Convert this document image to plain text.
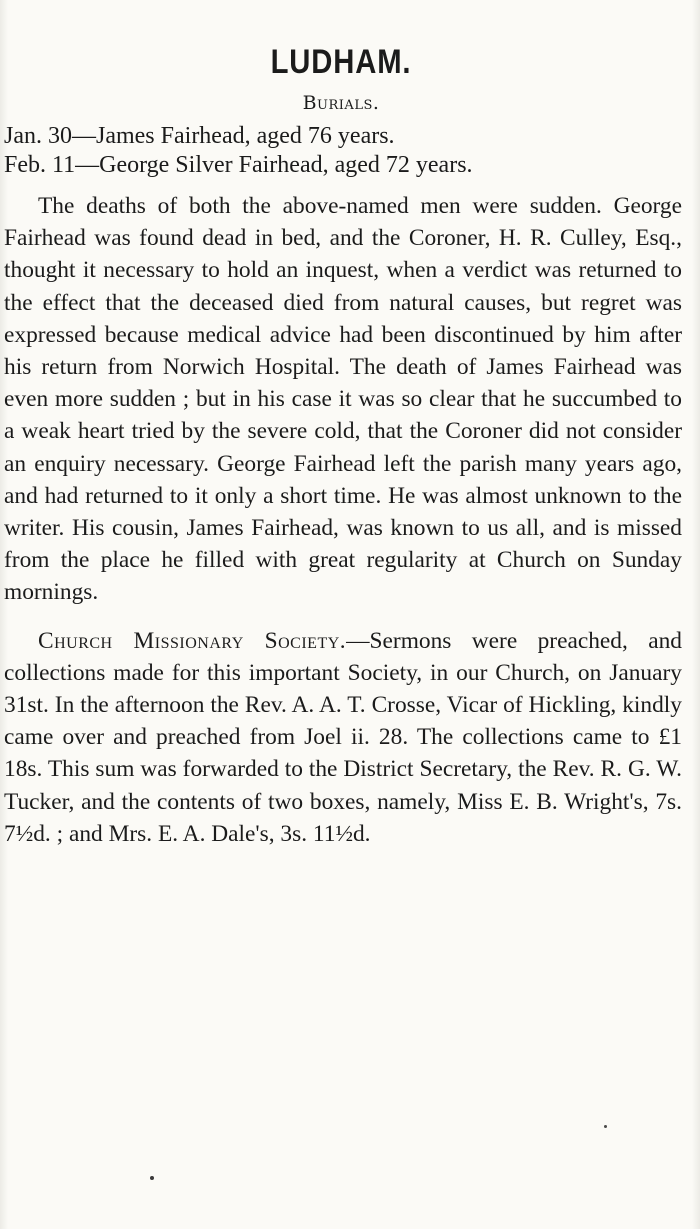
LUDHAM.
Burials.

Jan. 30—James Fairhead, aged 76 years.

Feb. 11—George Silver Fairhead, aged 72 years.

The deaths of both the above-named men were sudden. George Fairhead was found dead in bed, and the Coroner, H. R. Culley, Esq., thought it necessary to hold an inquest, when a verdict was returned to the effect that the deceased died from natural causes, but regret was expressed because medical advice had been discontinued by him after his return from Norwich Hospital. The death of James Fairhead was even more sudden ; but in his case it was so clear that he succumbed to a weak heart tried by the severe cold, that the Coroner did not consider an enquiry necessary. George Fairhead left the parish many years ago, and had returned to it only a short time. He was almost unknown to the writer. His cousin, James Fairhead, was known to us all, and is missed from the place he filled with great regularity at Church on Sunday mornings.

Church Missionary Society.—Sermons were preached, and collections made for this important Society, in our Church, on January 31st. In the afternoon the Rev. A. A. T. Crosse, Vicar of Hickling, kindly came over and preached from Joel ii. 28. The collections came to £1 18s. This sum was forwarded to the District Secretary, the Rev. R. G. W. Tucker, and the contents of two boxes, namely, Miss E. B. Wright's, 7s. 7½d. ; and Mrs. E. A. Dale's, 3s. 11½d.
